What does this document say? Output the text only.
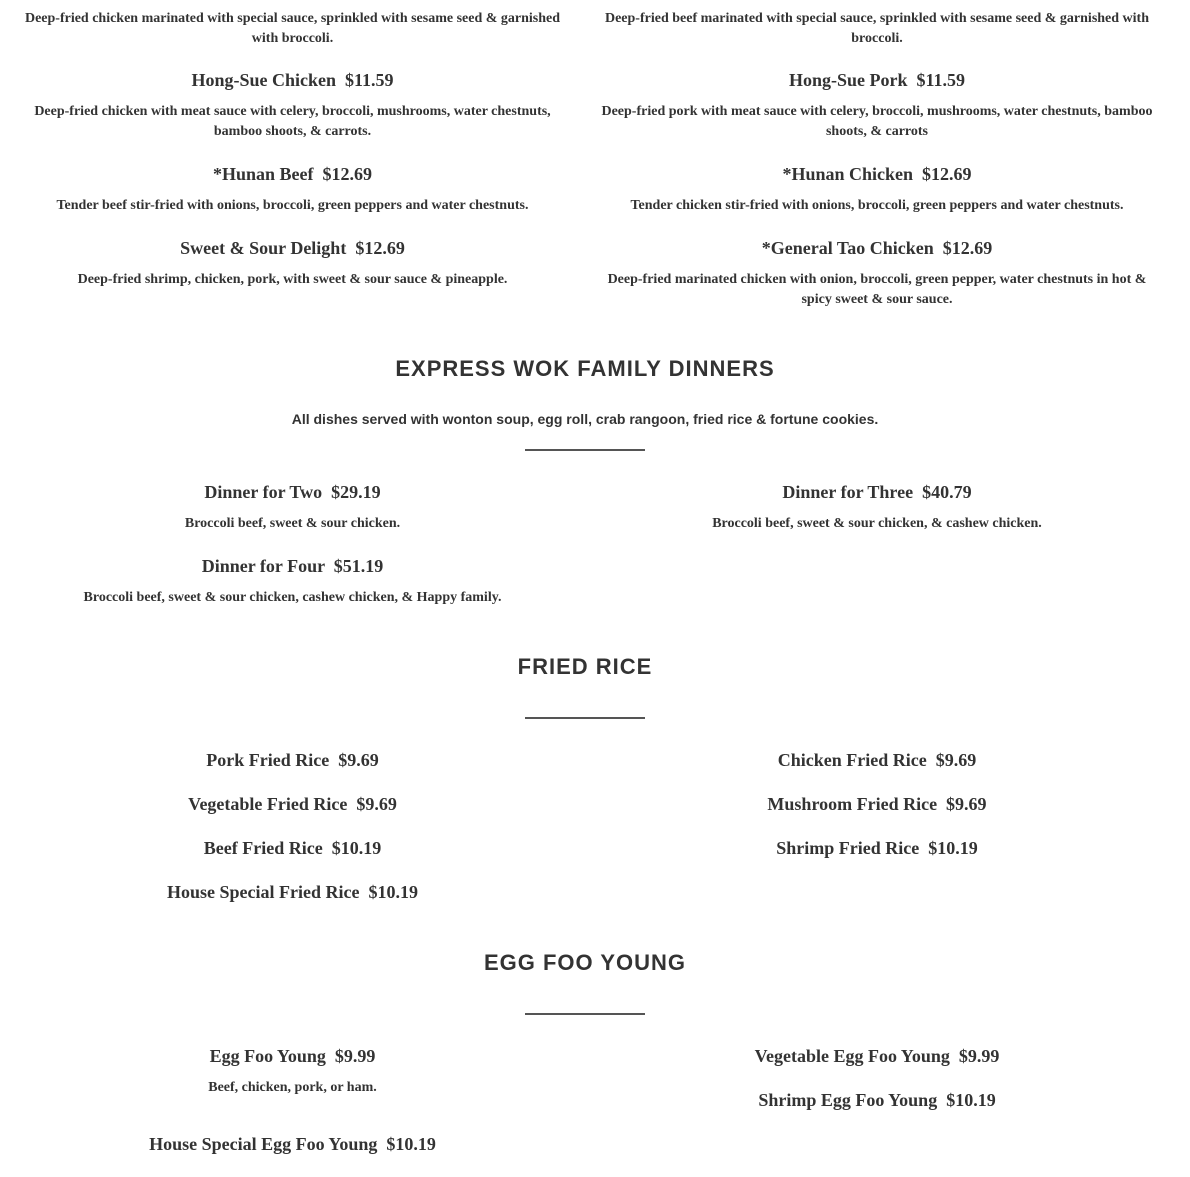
Deep-fried chicken marinated with special sauce, sprinkled with sesame seed & garnished with broccoli.
Deep-fried beef marinated with special sauce, sprinkled with sesame seed & garnished with broccoli.
Hong-Sue Chicken  $11.59
Deep-fried chicken with meat sauce with celery, broccoli, mushrooms, water chestnuts, bamboo shoots, & carrots.
Hong-Sue Pork  $11.59
Deep-fried pork with meat sauce with celery, broccoli, mushrooms, water chestnuts, bamboo shoots, & carrots
*Hunan Beef  $12.69
Tender beef stir-fried with onions, broccoli, green peppers and water chestnuts.
*Hunan Chicken  $12.69
Tender chicken stir-fried with onions, broccoli, green peppers and water chestnuts.
Sweet & Sour Delight  $12.69
Deep-fried shrimp, chicken, pork, with sweet & sour sauce & pineapple.
*General Tao Chicken  $12.69
Deep-fried marinated chicken with onion, broccoli, green pepper, water chestnuts in hot & spicy sweet & sour sauce.
EXPRESS WOK FAMILY DINNERS
All dishes served with wonton soup, egg roll, crab rangoon, fried rice & fortune cookies.
Dinner for Two  $29.19
Broccoli beef, sweet & sour chicken.
Dinner for Three  $40.79
Broccoli beef, sweet & sour chicken, & cashew chicken.
Dinner for Four  $51.19
Broccoli beef, sweet & sour chicken, cashew chicken, & Happy family.
FRIED RICE
Pork Fried Rice  $9.69	Chicken Fried Rice  $9.69
Vegetable Fried Rice  $9.69	Mushroom Fried Rice  $9.69
Beef Fried Rice  $10.19	Shrimp Fried Rice  $10.19
House Special Fried Rice  $10.19
EGG FOO YOUNG
Egg Foo Young  $9.99
Beef, chicken, pork, or ham.
Vegetable Egg Foo Young  $9.99
Shrimp Egg Foo Young  $10.19
House Special Egg Foo Young  $10.19
